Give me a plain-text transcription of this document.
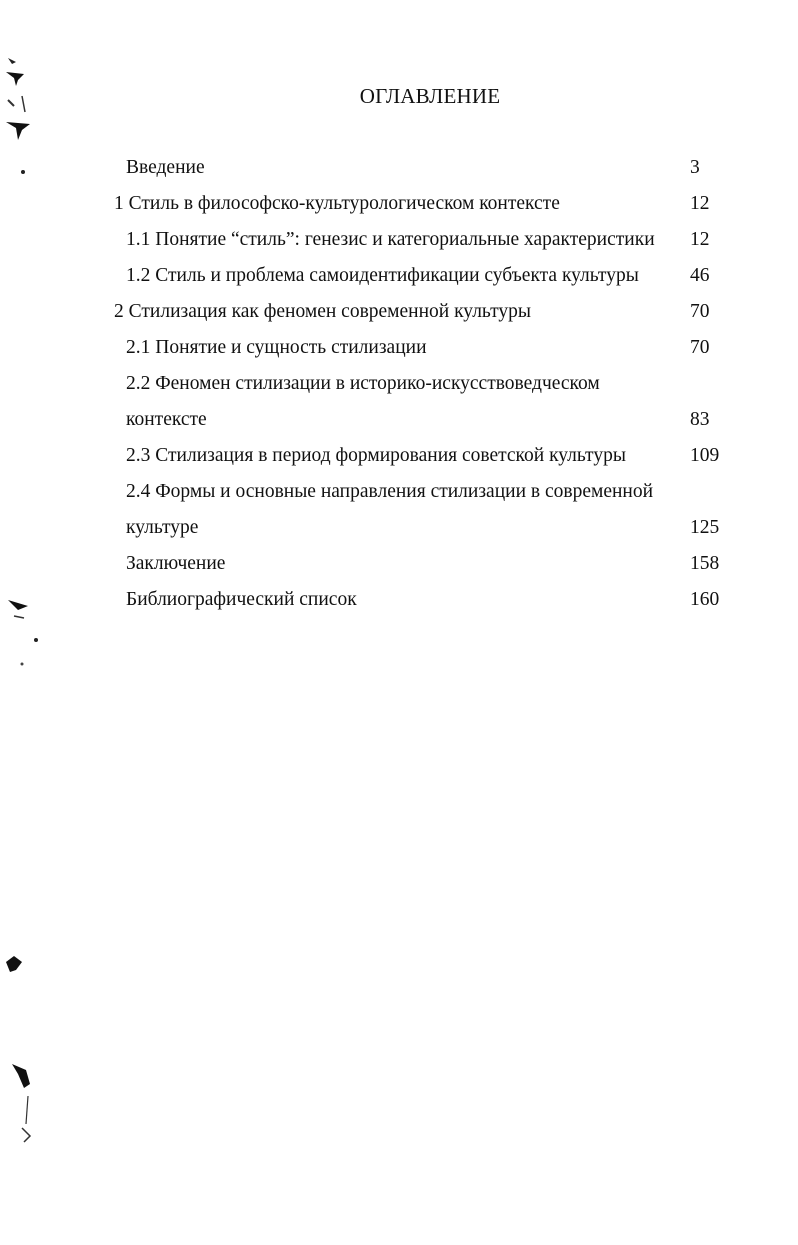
ОГЛАВЛЕНИЕ
Введение	3
1 Стиль в философско-культурологическом контексте	12
1.1 Понятие “стиль”: генезис и категориальные характеристики 12
1.2 Стиль и проблема самоидентификации субъекта культуры	46
2 Стилизация как феномен современной культуры	70
2.1 Понятие и сущность стилизации	70
2.2 Феномен стилизации в историко-искусствоведческом
контексте	83
2.3 Стилизация в период формирования советской культуры	109
2.4 Формы и основные направления стилизации в современной
культуре	125
Заключение	158
Библиографический список	160
